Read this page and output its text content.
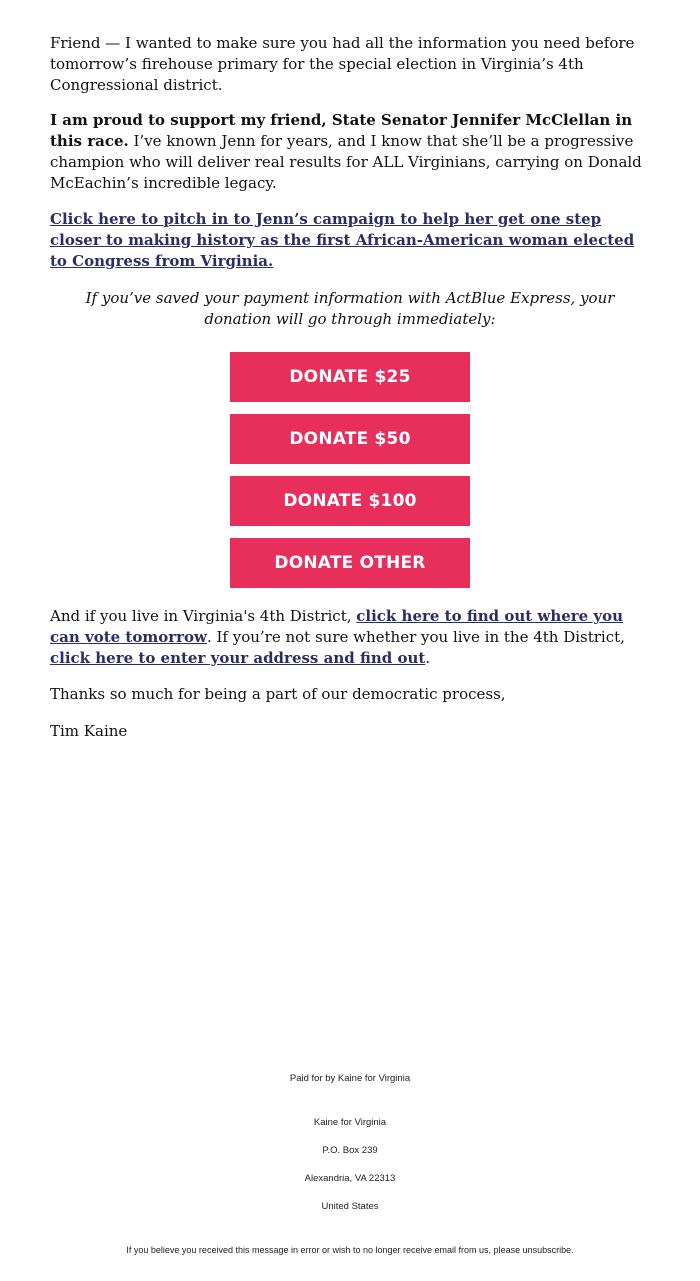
Friend — I wanted to make sure you had all the information you need before tomorrow’s firehouse primary for the special election in Virginia’s 4th Congressional district.

I am proud to support my friend, State Senator Jennifer McClellan in this race. I’ve known Jenn for years, and I know that she’ll be a progressive champion who will deliver real results for ALL Virginians, carrying on Donald McEachin’s incredible legacy.

Click here to pitch in to Jenn’s campaign to help her get one step closer to making history as the first African-American woman elected to Congress from Virginia.

If you’ve saved your payment information with ActBlue Express, your donation will go through immediately:

DONATE $25
DONATE $50
DONATE $100
DONATE OTHER

And if you live in Virginia's 4th District, click here to find out where you can vote tomorrow. If you’re not sure whether you live in the 4th District, click here to enter your address and find out.

Thanks so much for being a part of our democratic process,

Tim Kaine

Paid for by Kaine for Virginia
Kaine for Virginia
P.O. Box 239
Alexandria, VA 22313
United States
If you believe you received this message in error or wish to no longer receive email from us, please unsubscribe.
